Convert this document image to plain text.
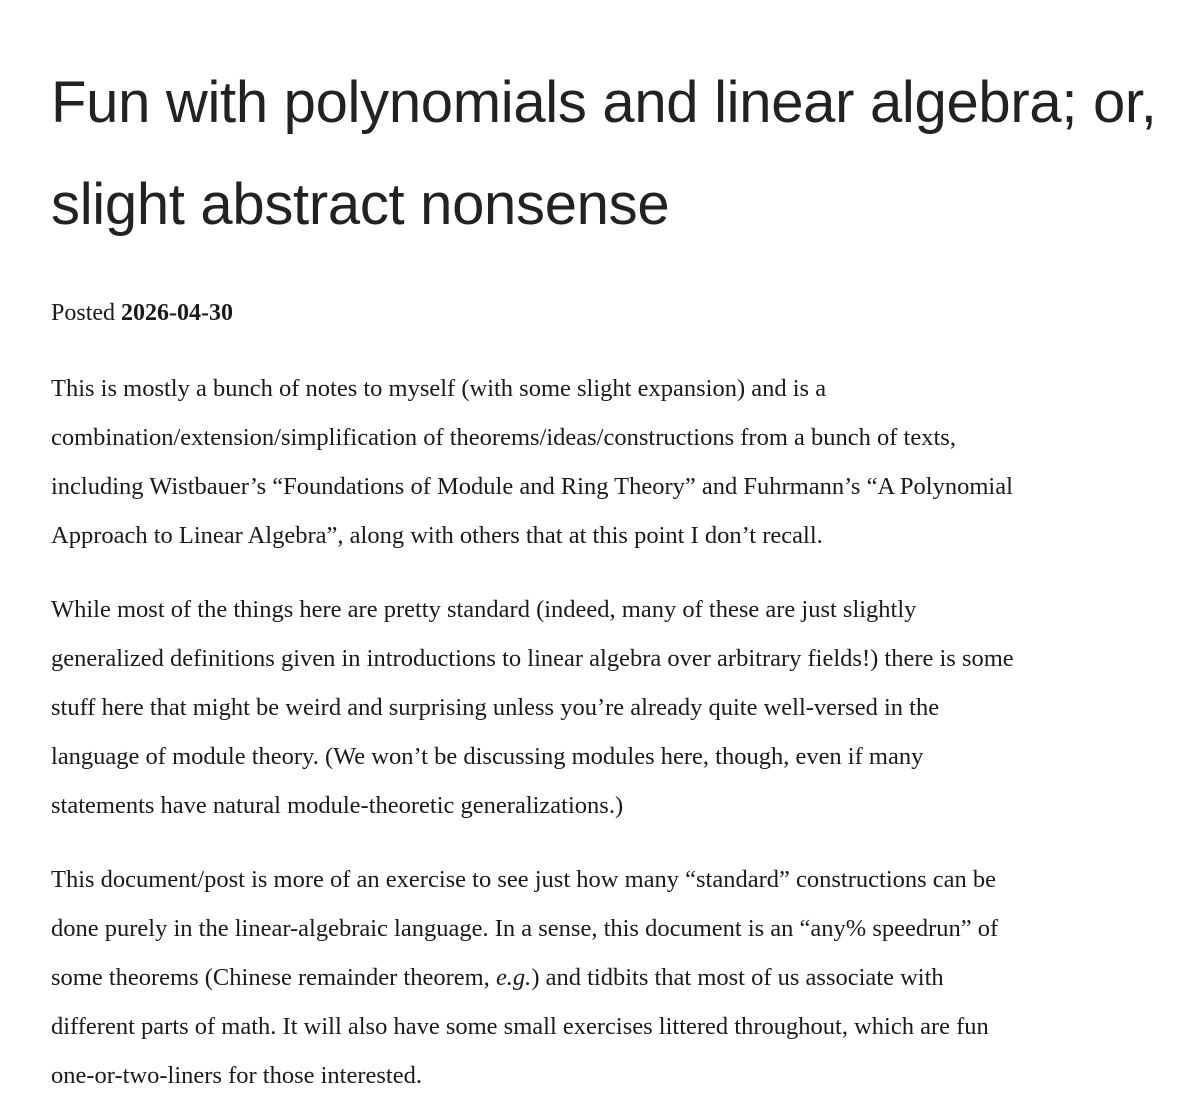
Fun with polynomials and linear algebra; or,
slight abstract nonsense

Posted 2026-04-30

This is mostly a bunch of notes to myself (with some slight expansion) and is a
combination/extension/simplification of theorems/ideas/constructions from a bunch of texts,
including Wistbauer’s “Foundations of Module and Ring Theory” and Fuhrmann’s “A Polynomial
Approach to Linear Algebra”, along with others that at this point I don’t recall.

While most of the things here are pretty standard (indeed, many of these are just slightly
generalized definitions given in introductions to linear algebra over arbitrary fields!) there is some
stuff here that might be weird and surprising unless you’re already quite well-versed in the
language of module theory. (We won’t be discussing modules here, though, even if many
statements have natural module-theoretic generalizations.)

This document/post is more of an exercise to see just how many “standard” constructions can be
done purely in the linear-algebraic language. In a sense, this document is an “any% speedrun” of
some theorems (Chinese remainder theorem, e.g.) and tidbits that most of us associate with
different parts of math. It will also have some small exercises littered throughout, which are fun
one-or-two-liners for those interested.
